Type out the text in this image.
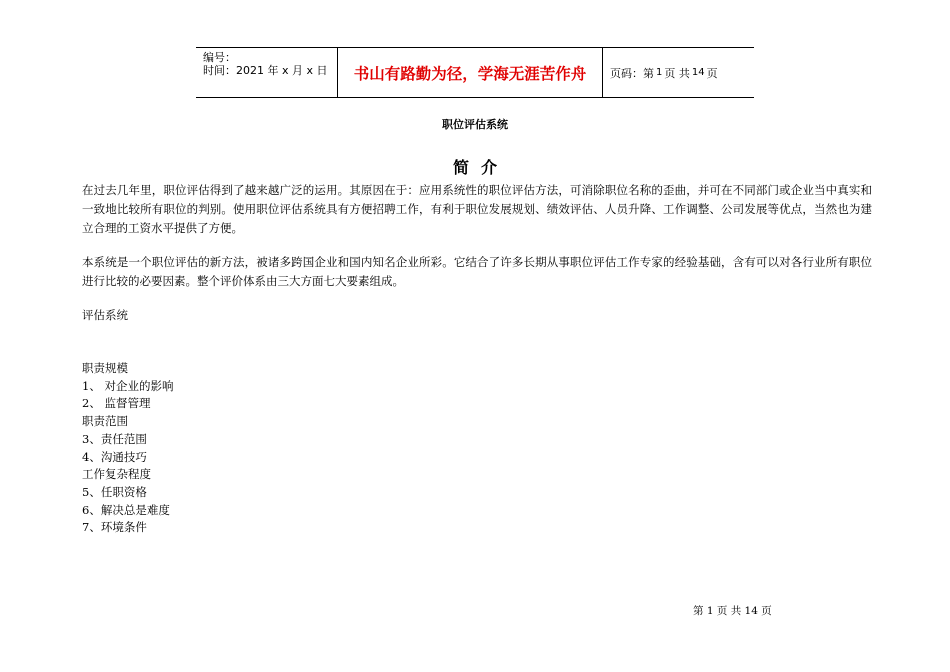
编号：
时间：2021 年 x 月 x 日	书山有路勤为径，学海无涯苦作舟	页码：第 1 页 共 14 页
职位评估系统
简介
在过去几年里，职位评估得到了越来越广泛的运用。其原因在于：应用系统性的职位评估方法，可消除职位名称的歪曲，并可在不同部门或企业当中真实和一致地比较所有职位的判别。使用职位评估系统具有方便招聘工作，有利于职位发展规划、绩效评估、人员升降、工作调整、公司发展等优点，当然也为建立合理的工资水平提供了方便。
本系统是一个职位评估的新方法，被诸多跨国企业和国内知名企业所彩。它结合了许多长期从事职位评估工作专家的经验基础，含有可以对各行业所有职位进行比较的必要因素。整个评价体系由三大方面七大要素组成。
评估系统
职责规模
1、 对企业的影响
2、 监督管理
职责范围
3、责任范围
4、沟通技巧
工作复杂程度
5、任职资格
6、解决总是难度
7、环境条件
第 1 页 共 14 页
